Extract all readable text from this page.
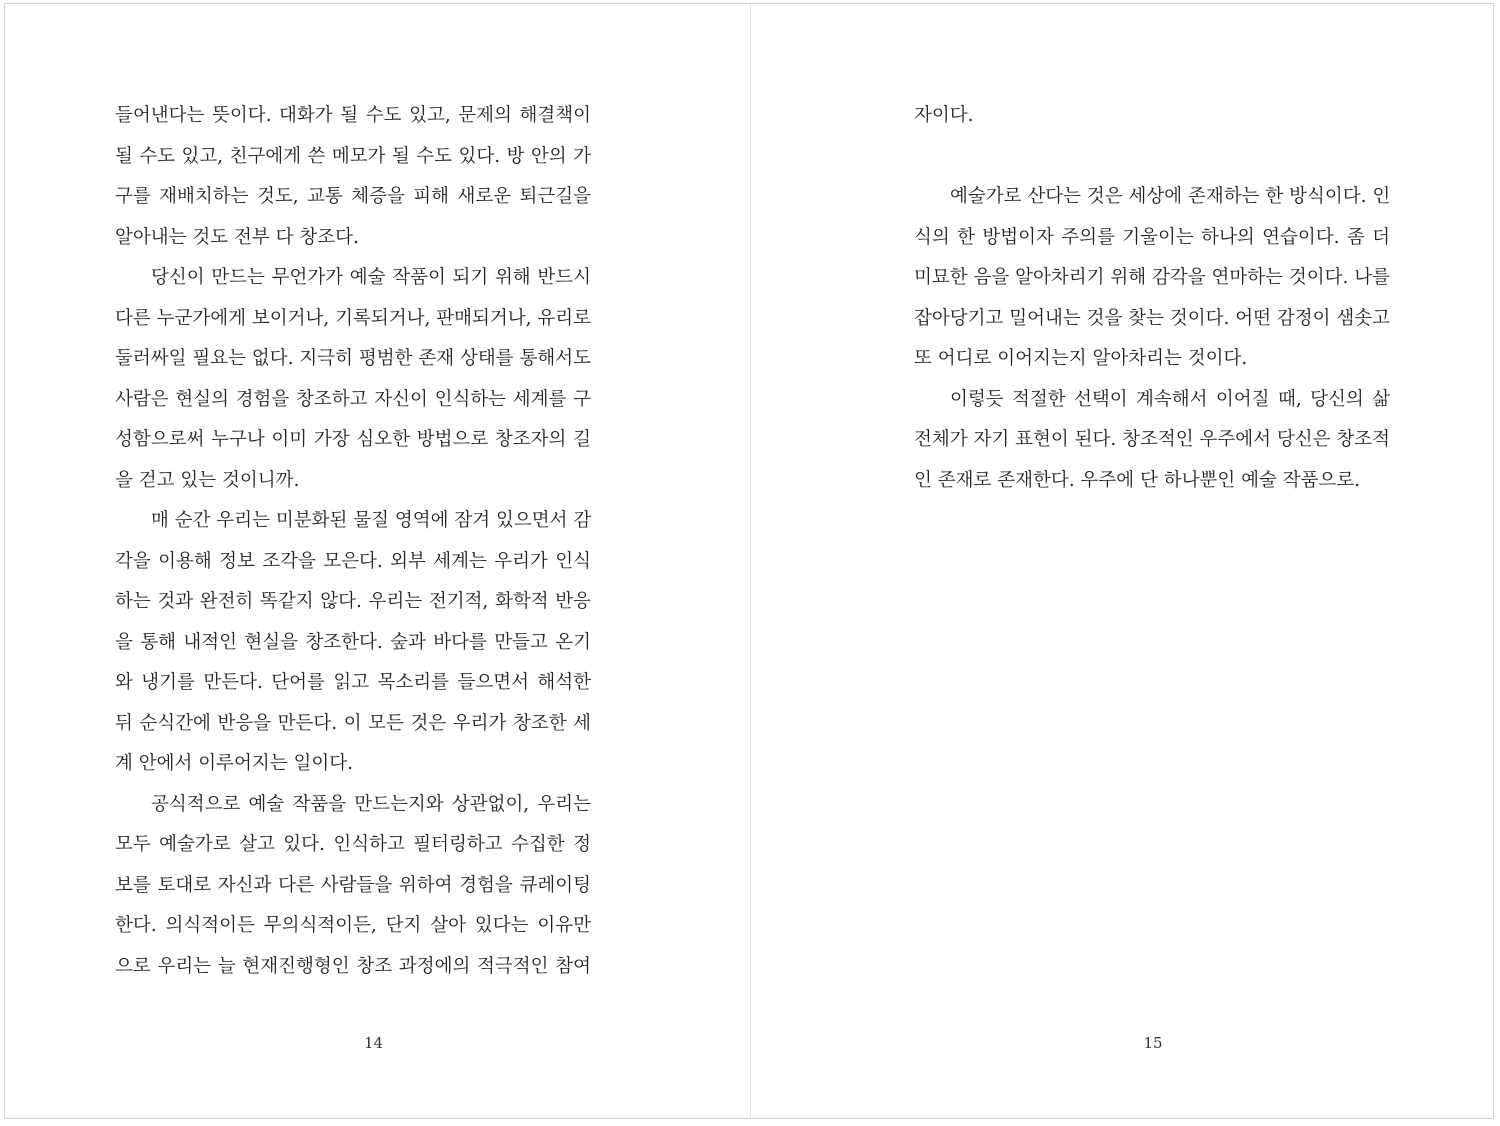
들어낸다는 뜻이다. 대화가 될 수도 있고, 문제의 해결책이
될 수도 있고, 친구에게 쓴 메모가 될 수도 있다. 방 안의 가
구를 재배치하는 것도, 교통 체증을 피해 새로운 퇴근길을
알아내는 것도 전부 다 창조다.
당신이 만드는 무언가가 예술 작품이 되기 위해 반드시
다른 누군가에게 보이거나, 기록되거나, 판매되거나, 유리로
둘러싸일 필요는 없다. 지극히 평범한 존재 상태를 통해서도
사람은 현실의 경험을 창조하고 자신이 인식하는 세계를 구
성함으로써 누구나 이미 가장 심오한 방법으로 창조자의 길
을 걷고 있는 것이니까.
매 순간 우리는 미분화된 물질 영역에 잠겨 있으면서 감
각을 이용해 정보 조각을 모은다. 외부 세계는 우리가 인식
하는 것과 완전히 똑같지 않다. 우리는 전기적, 화학적 반응
을 통해 내적인 현실을 창조한다. 숲과 바다를 만들고 온기
와 냉기를 만든다. 단어를 읽고 목소리를 들으면서 해석한
뒤 순식간에 반응을 만든다. 이 모든 것은 우리가 창조한 세
계 안에서 이루어지는 일이다.
공식적으로 예술 작품을 만드는지와 상관없이, 우리는
모두 예술가로 살고 있다. 인식하고 필터링하고 수집한 정
보를 토대로 자신과 다른 사람들을 위하여 경험을 큐레이팅
한다. 의식적이든 무의식적이든, 단지 살아 있다는 이유만
으로 우리는 늘 현재진행형인 창조 과정에의 적극적인 참여
14
자이다.
예술가로 산다는 것은 세상에 존재하는 한 방식이다. 인
식의 한 방법이자 주의를 기울이는 하나의 연습이다. 좀 더
미묘한 음을 알아차리기 위해 감각을 연마하는 것이다. 나를
잡아당기고 밀어내는 것을 찾는 것이다. 어떤 감정이 샘솟고
또 어디로 이어지는지 알아차리는 것이다.
이렇듯 적절한 선택이 계속해서 이어질 때, 당신의 삶
전체가 자기 표현이 된다. 창조적인 우주에서 당신은 창조적
인 존재로 존재한다. 우주에 단 하나뿐인 예술 작품으로.
15
